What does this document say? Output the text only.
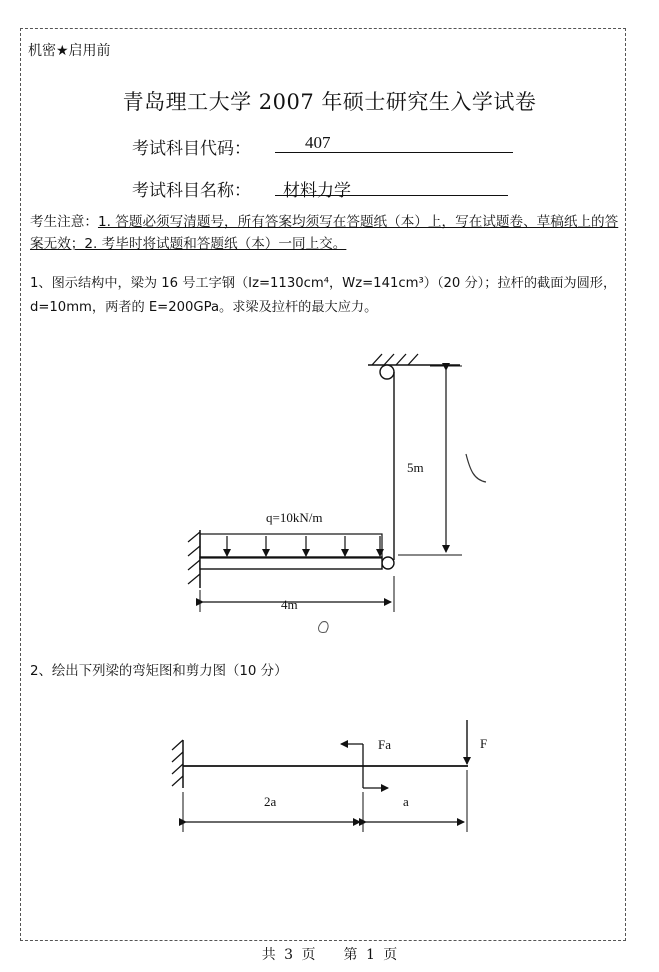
机密★启用前
青岛理工大学 2007 年硕士研究生入学试卷
考试科目代码：	407
考试科目名称： 材料力学
考生注意：1. 答题必须写清题号，所有答案均须写在答题纸（本）上，写在试题卷、草稿纸上的答案无效；2. 考毕时将试题和答题纸（本）一同上交。
1、图示结构中，梁为 16 号工字钢（Iz=1130cm⁴，Wz=141cm³）（20 分）；拉杆的截面为圆形，d=10mm，两者的 E=200GPa。求梁及拉杆的最大应力。
5m
q=10kN/m
4m
Fa	F
2a	a
2、绘出下列梁的弯矩图和剪力图（10 分）
共 3 页　　第 1 页
